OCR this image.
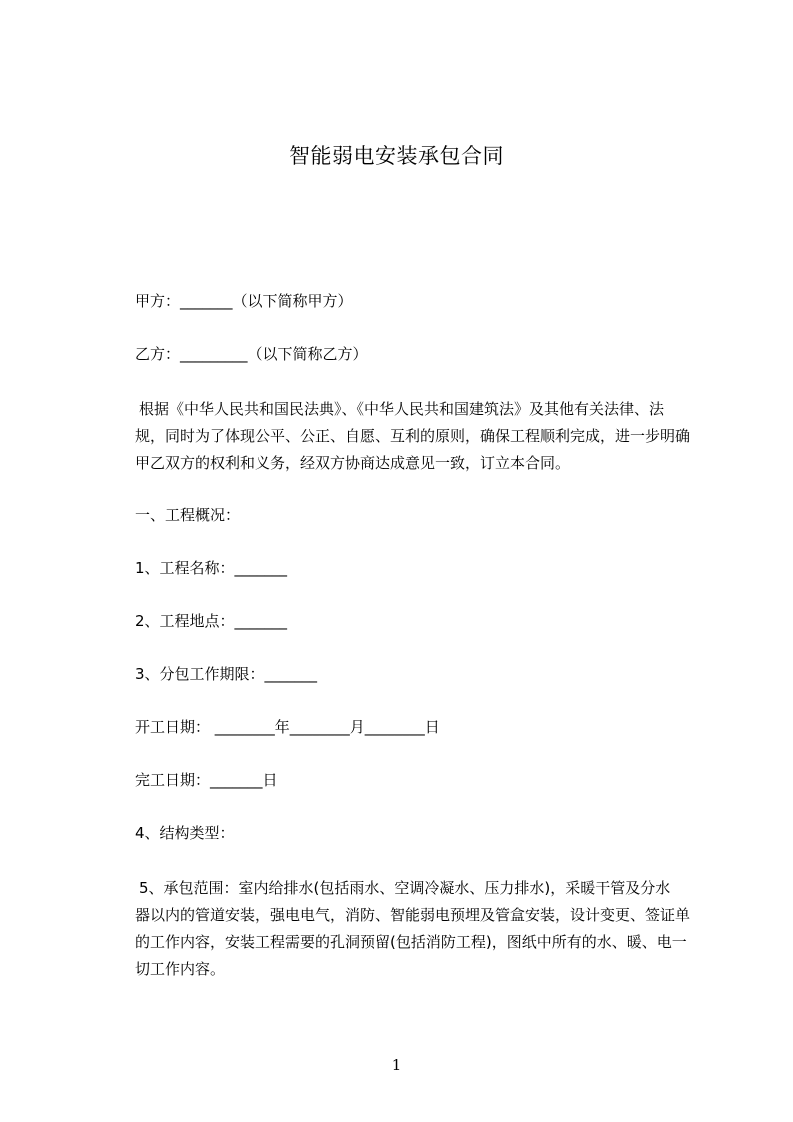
智能弱电安装承包合同
甲方：_______（以下简称甲方）
乙方：_________（以下简称乙方）
根据《中华人民共和国民法典》、《中华人民共和国建筑法》及其他有关法律、法
规，同时为了体现公平、公正、自愿、互利的原则，确保工程顺利完成，进一步明确
甲乙双方的权利和义务，经双方协商达成意见一致，订立本合同。
一、工程概况：
1、工程名称：_______
2、工程地点：_______
3、分包工作期限：_______
开工日期： ________年________月________日
完工日期：_______日
4、结构类型：
5、承包范围：室内给排水(包括雨水、空调冷凝水、压力排水)，采暖干管及分水
器以内的管道安装，强电电气，消防、智能弱电预埋及管盒安装，设计变更、签证单
的工作内容，安装工程需要的孔洞预留(包括消防工程)，图纸中所有的水、暖、电一
切工作内容。
1
